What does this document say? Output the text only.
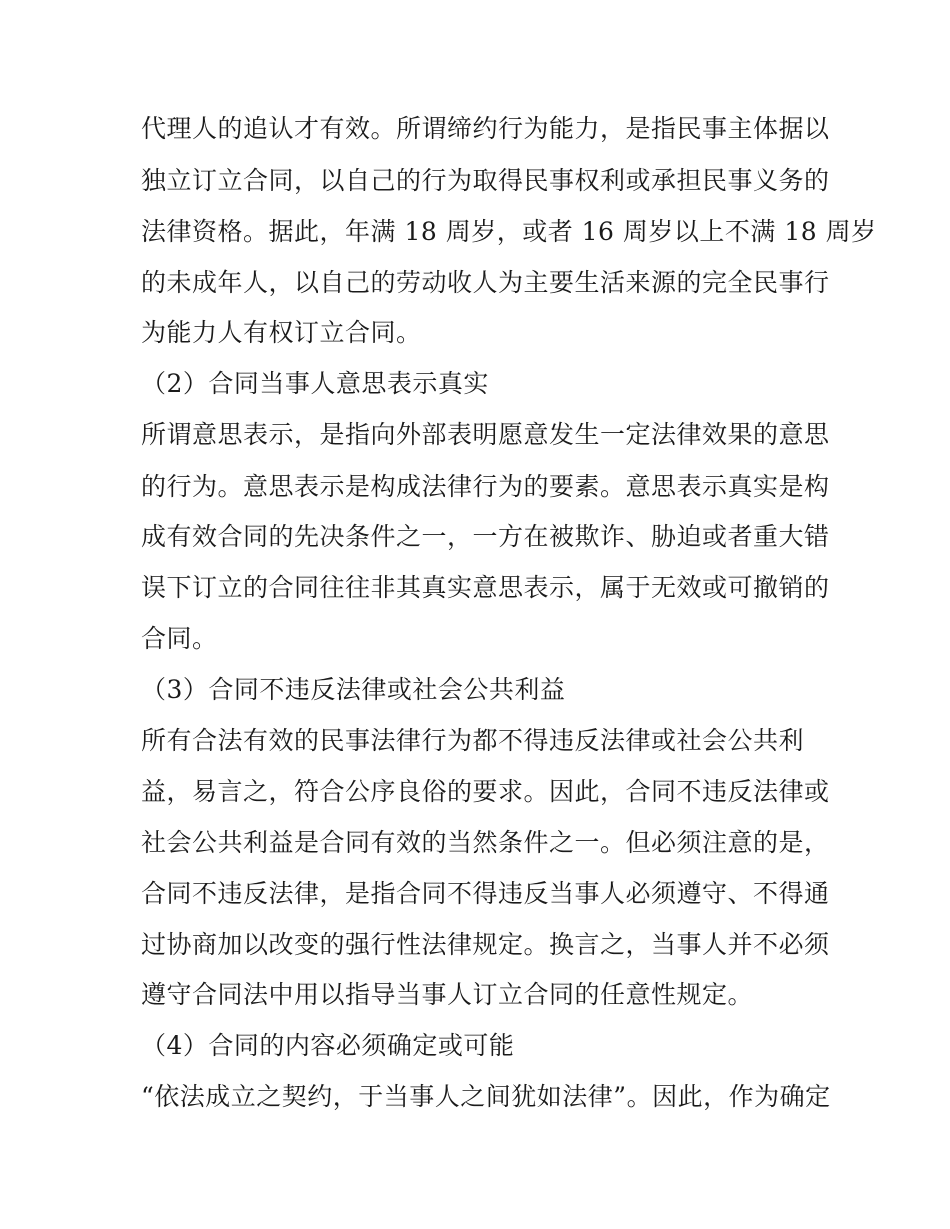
代理人的追认才有效。所谓缔约行为能力，是指民事主体据以
独立订立合同，以自己的行为取得民事权利或承担民事义务的
法律资格。据此，年满 18 周岁，或者 16 周岁以上不满 18 周岁
的未成年人，以自己的劳动收人为主要生活来源的完全民事行
为能力人有权订立合同。
（2）合同当事人意思表示真实
所谓意思表示，是指向外部表明愿意发生一定法律效果的意思
的行为。意思表示是构成法律行为的要素。意思表示真实是构
成有效合同的先决条件之一，一方在被欺诈、胁迫或者重大错
误下订立的合同往往非其真实意思表示，属于无效或可撤销的
合同。
（3）合同不违反法律或社会公共利益
所有合法有效的民事法律行为都不得违反法律或社会公共利
益，易言之，符合公序良俗的要求。因此，合同不违反法律或
社会公共利益是合同有效的当然条件之一。但必须注意的是，
合同不违反法律，是指合同不得违反当事人必须遵守、不得通
过协商加以改变的强行性法律规定。换言之，当事人并不必须
遵守合同法中用以指导当事人订立合同的任意性规定。
（4）合同的内容必须确定或可能
“依法成立之契约，于当事人之间犹如法律”。因此，作为确定
